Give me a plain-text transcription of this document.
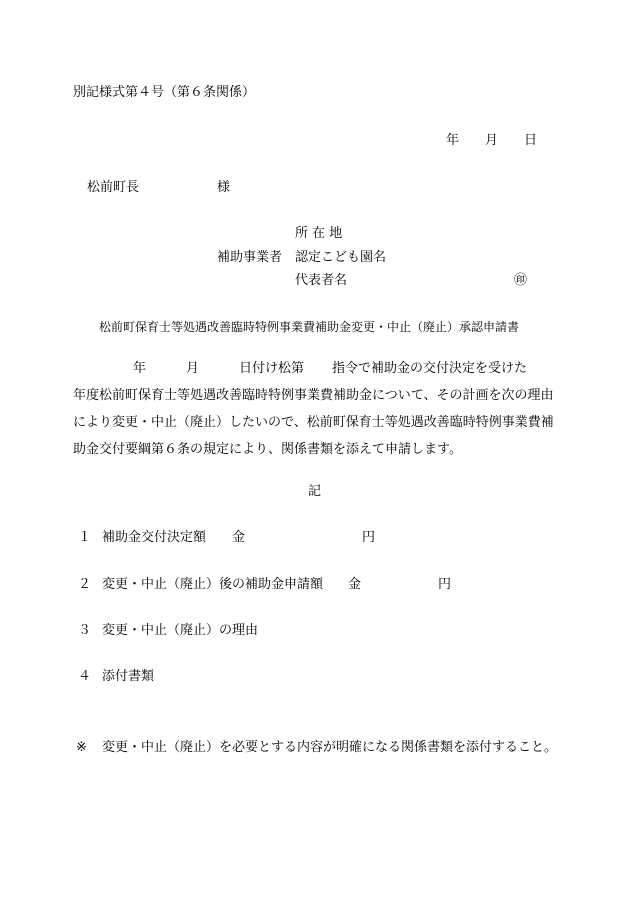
別記様式第４号（第６条関係）
年 月 日
松前町長	様
所 在 地
補助事業者 認定こども園名
代表者名	㊞
松前町保育士等処遇改善臨時特例事業費補助金変更・中止（廃止）承認申請書
年	月	日付け松第 指令で補助金の交付決定を受けた
年度松前町保育士等処遇改善臨時特例事業費補助金について、その計画を次の理由
により変更・中止（廃止）したいので、松前町保育士等処遇改善臨時特例事業費補
助金交付要綱第６条の規定により、関係書類を添えて申請します。
記
１ 補助金交付決定額 金	円
２ 変更・中止（廃止）後の補助金申請額 金	円
３ 変更・中止（廃止）の理由
４ 添付書類
※ 変更・中止（廃止）を必要とする内容が明確になる関係書類を添付すること。
